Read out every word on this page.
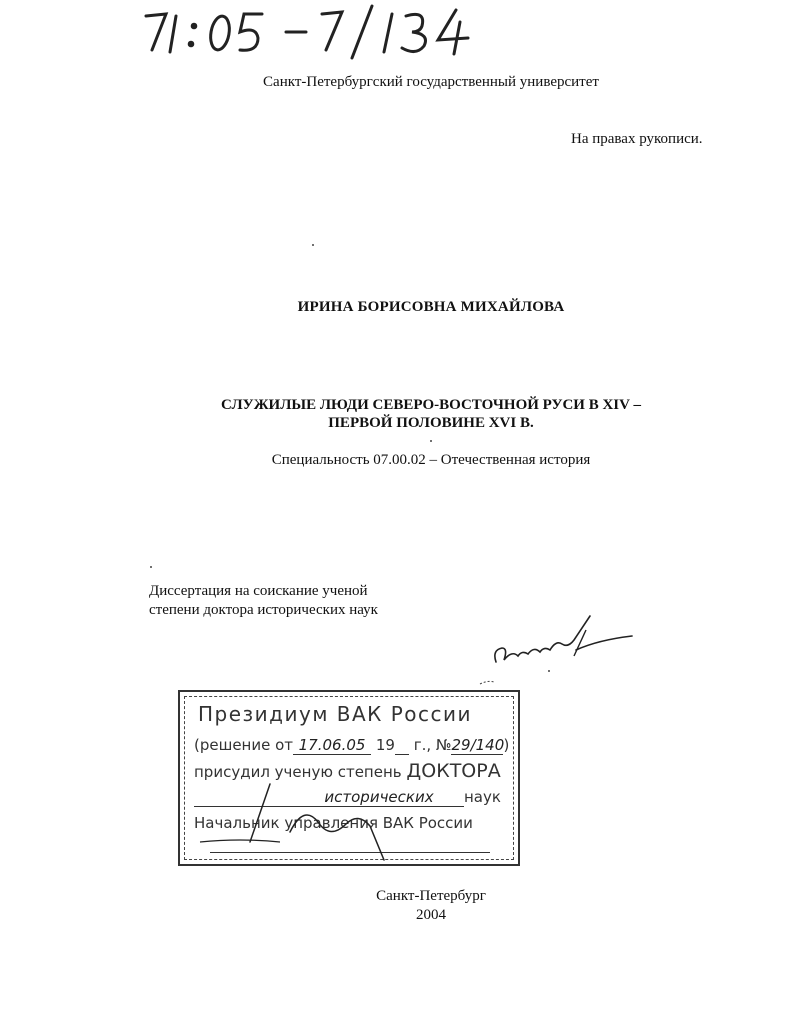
Санкт-Петербургский государственный университет
На правах рукописи.
ИРИНА БОРИСОВНА МИХАЙЛОВА
СЛУЖИЛЫЕ ЛЮДИ СЕВЕРО-ВОСТОЧНОЙ РУСИ В XIV –
ПЕРВОЙ ПОЛОВИНЕ XVI В.
Специальность 07.00.02 – Отечественная история
Диссертация на соискание ученой
степени доктора исторических наук
Президиум ВАК России
(решение от 17.06.05 19 г., №29/140)
присудил ученую степень ДОКТОРА
исторических наук
Начальник управления ВАК России
Санкт-Петербург
2004
